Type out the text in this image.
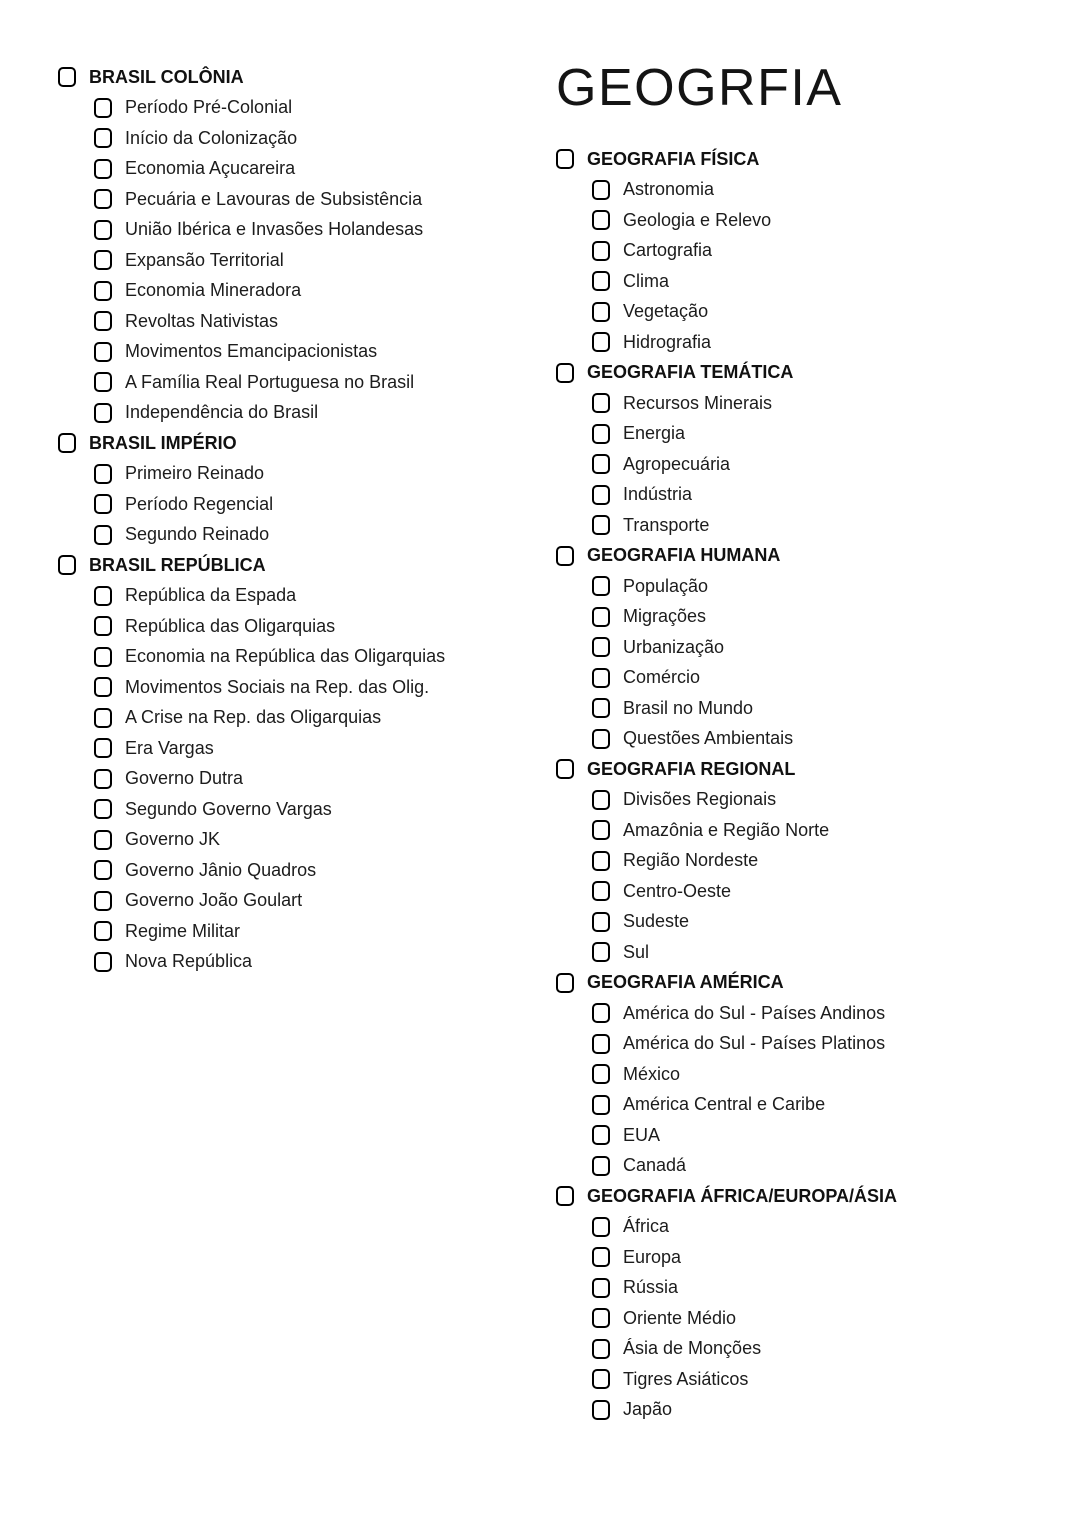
BRASIL COLÔNIA
Período Pré-Colonial
Início da Colonização
Economia Açucareira
Pecuária e Lavouras de Subsistência
União Ibérica e Invasões Holandesas
Expansão Territorial
Economia Mineradora
Revoltas Nativistas
Movimentos Emancipacionistas
A Família Real Portuguesa no Brasil
Independência do Brasil
BRASIL IMPÉRIO
Primeiro Reinado
Período Regencial
Segundo Reinado
BRASIL REPÚBLICA
República da Espada
República das Oligarquias
Economia na República das Oligarquias
Movimentos Sociais na Rep. das Olig.
A Crise na Rep. das Oligarquias
Era Vargas
Governo Dutra
Segundo Governo Vargas
Governo JK
Governo Jânio Quadros
Governo João Goulart
Regime Militar
Nova República
GEOGRFIA
GEOGRAFIA FÍSICA
Astronomia
Geologia e Relevo
Cartografia
Clima
Vegetação
Hidrografia
GEOGRAFIA TEMÁTICA
Recursos Minerais
Energia
Agropecuária
Indústria
Transporte
GEOGRAFIA HUMANA
População
Migrações
Urbanização
Comércio
Brasil no Mundo
Questões Ambientais
GEOGRAFIA REGIONAL
Divisões Regionais
Amazônia e Região Norte
Região Nordeste
Centro-Oeste
Sudeste
Sul
GEOGRAFIA AMÉRICA
América do Sul - Países Andinos
América do Sul - Países Platinos
México
América Central e Caribe
EUA
Canadá
GEOGRAFIA ÁFRICA/EUROPA/ÁSIA
África
Europa
Rússia
Oriente Médio
Ásia de Monções
Tigres Asiáticos
Japão
